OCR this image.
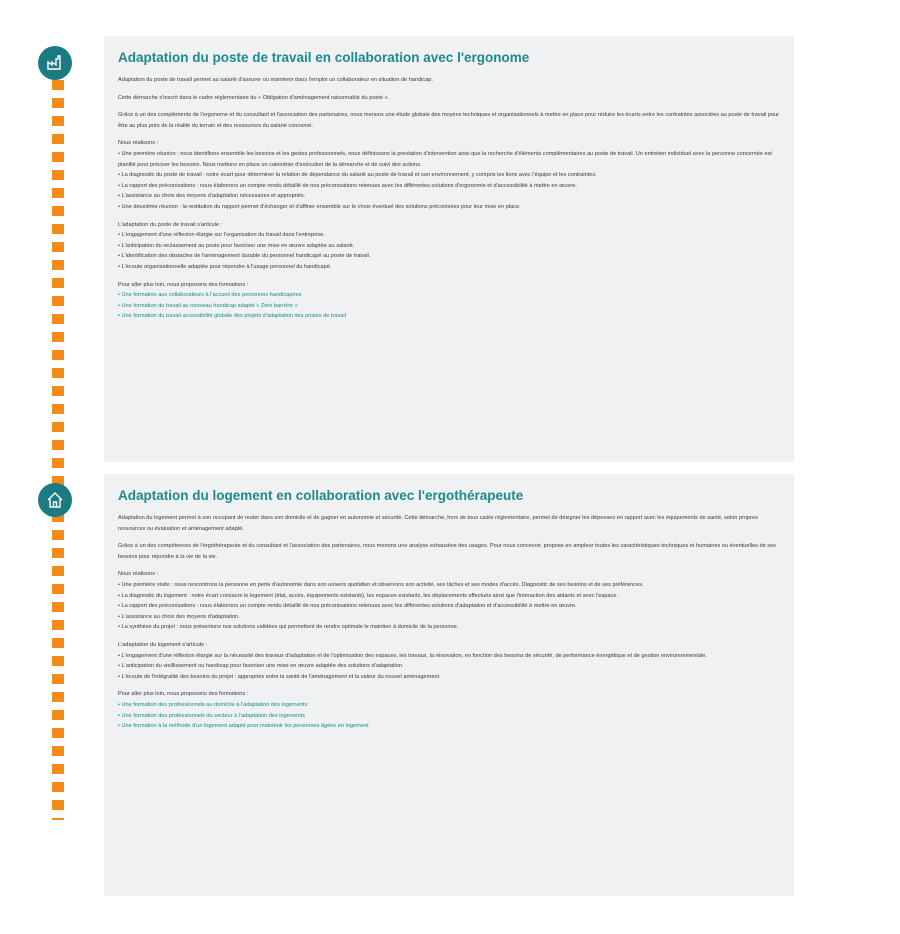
Adaptation du poste de travail en collaboration avec l'ergonome

Adaptation du poste de travail permet au salarié d'assurer ou maintenir dans l'emploi un collaborateur en situation de handicap.

Cette démarche s'inscrit dans le cadre réglementaire du « Obligation d'aménagement raisonnable du poste ».

Grâce à un des compléments de l'ergonome et du consultant et l'association des partenaires, nous menons une étude globale des moyens techniques et organisationnels à mettre en place pour réduire les écarts entre les contraintes associées au poste de travail pour être au plus près de la réalité du terrain et des ressources du salarié concerné.

Nous réalisons :

• Une première réunion : nous identifions ensemble les besoins et les gestes professionnels, nous définissons la prestation d'intervention ainsi que la recherche d'éléments complémentaires au poste de travail. Un entretien individuel avec la personne concernée est planifié pour préciser les besoins. Nous mettons en place un calendrier d'exécution de la démarche et de suivi des actions.
• La diagnostic du poste de travail : notre écart pour déterminer la relation de dépendance du salarié au poste de travail et son environnement, y compris les liens avec l'équipe et les contraintes.
• La rapport des préconisations : nous élaborons un compte rendu détaillé de nos préconisations retenues avec les différentes solutions d'ergonomie et d'accessibilité à mettre en œuvre.
• L'assistance au choix des moyens d'adaptation nécessaires et appropriés.
• Une deuxième réunion : la restitution du rapport permet d'échanger et d'affiner ensemble sur le choix éventuel des solutions préconisées pour leur mise en place.

L'adaptation du poste de travail s'articule :

• L'engagement d'une réflexion élargie sur l'organisation du travail dans l'entreprise.
• L'anticipation du reclassement au poste pour favoriser une mise en œuvre adaptée au salarié.
• L'identification des obstacles de l'aménagement durable du personnel handicapé au poste de travail.
• L'écoute organisationnelle adaptée pour répondre à l'usage personnel du handicapé.

Pour aller plus loin, nous proposons des formations :

• Une formation aux collaborateurs à l'accueil des personnes handicapées
• Une formation du travail au nouveau handicap adapté « Zéro barrière »
• Une formation du travail accessibilité globale des projets d'adaptation des postes de travail
Adaptation du logement en collaboration avec l'ergothérapeute

Adaptation du logement permet à son occupant de rester dans son domicile et de gagner en autonomie et sécurité. Cette démarche, hors de tous cadre réglementaire, permet de désigner les dépenses en rapport avec les équipements de santé, selon propres ressources ou évaluation et aménagement adapté.

Grâce à un des compétences de l'ergothérapeute et du consultant et l'association des partenaires, nous menons une analyse exhaustive des usages. Pour nous concevoir, propose en ampleur toutes les caractéristiques techniques et humaines ou éventuelles de ses besoins pour répondre à la vie de la vie.

Nous réalisons :

• Une première visite : nous rencontrons la personne en perte d'autonomie dans son univers quotidien et observons son activité, ses tâches et ses modes d'accès. Diagnostic de ses besoins et de ses préférences.
• La diagnostic du logement : notre écart consacre le logement (état, accès, équipements existants), les espaces existants, les déplacements effectués ainsi que l'interaction des aidants et avec l'espace.
• La rapport des préconisations : nous élaborons un compte rendu détaillé de nos préconisations retenues avec les différentes solutions d'adaptation et d'accessibilité à mettre en œuvre.
• L'assistance au choix des moyens d'adaptation.
• La synthèse du projet : nous présentons nos solutions validées qui permettent de rendre optimale le maintien à domicile de la personne.

L'adaptation du logement s'articule :

• L'engagement d'une réflexion élargie sur la nécessité des travaux d'adaptation et de l'optimisation des espaces, les travaux, la rénovation, en fonction des besoins de sécurité, de performance énergétique et de gestion environnementale.
• L'anticipation du vieillissement ou handicap pour favoriser une mise en œuvre adaptée des solutions d'adaptation.
• L'écoute de l'intégralité des besoins du projet : appropriés entre la santé de l'aménagement et la valeur du nouvel aménagement.

Pour aller plus loin, nous proposons des formations :

• Une formation des professionnels au domicile à l'adaptation des logements
• Une formation des professionnels du secteur à l'adaptation des logements
• Une formation à la méthode d'un logement adapté pour maintenir les personnes âgées en logement
